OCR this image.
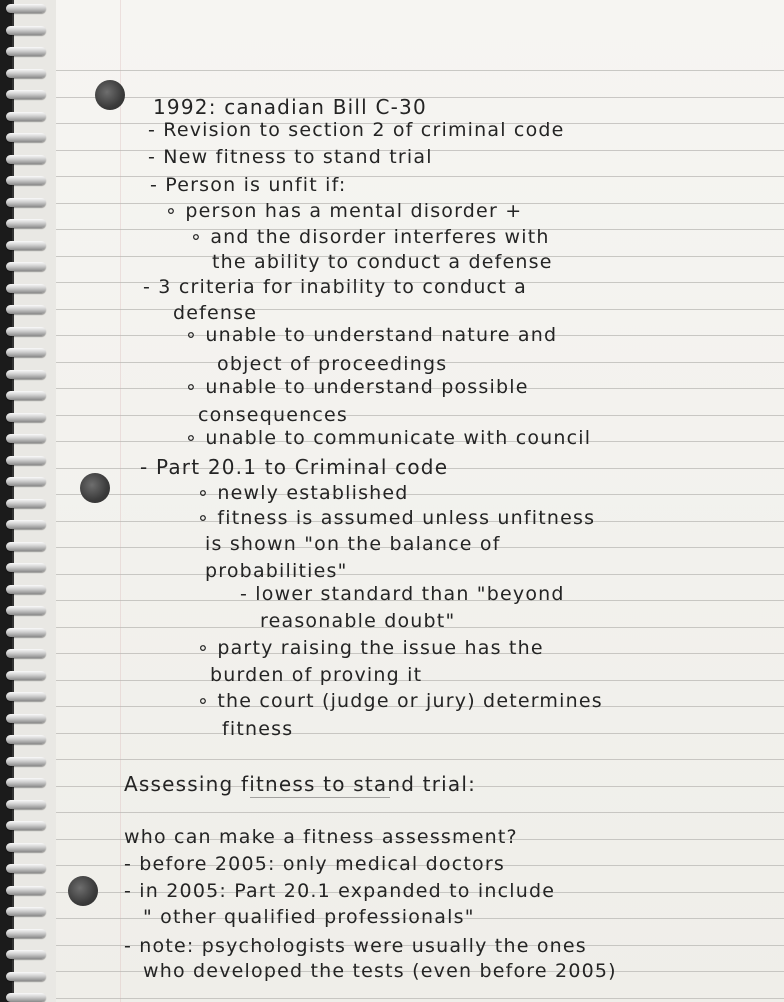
1992: canadian Bill C-30
- Revision to section 2 of criminal code
- New fitness to stand trial
- Person is unfit if:
∘ person has a mental disorder +
∘ and the disorder interferes with
the ability to conduct a defense
- 3 criteria for inability to conduct a
defense
∘ unable to understand nature and
object of proceedings
∘ unable to understand possible
consequences
∘ unable to communicate with council
- Part 20.1 to Criminal code
∘ newly established
∘ fitness is assumed unless unfitness
is shown "on the balance of
probabilities"
- lower standard than "beyond
reasonable doubt"
∘ party raising the issue has the
burden of proving it
∘ the court (judge or jury) determines
fitness
Assessing fitness to stand trial:
who can make a fitness assessment?
- before 2005: only medical doctors
- in 2005: Part 20.1 expanded to include
" other qualified professionals"
- note: psychologists were usually the ones
who developed the tests (even before 2005)
